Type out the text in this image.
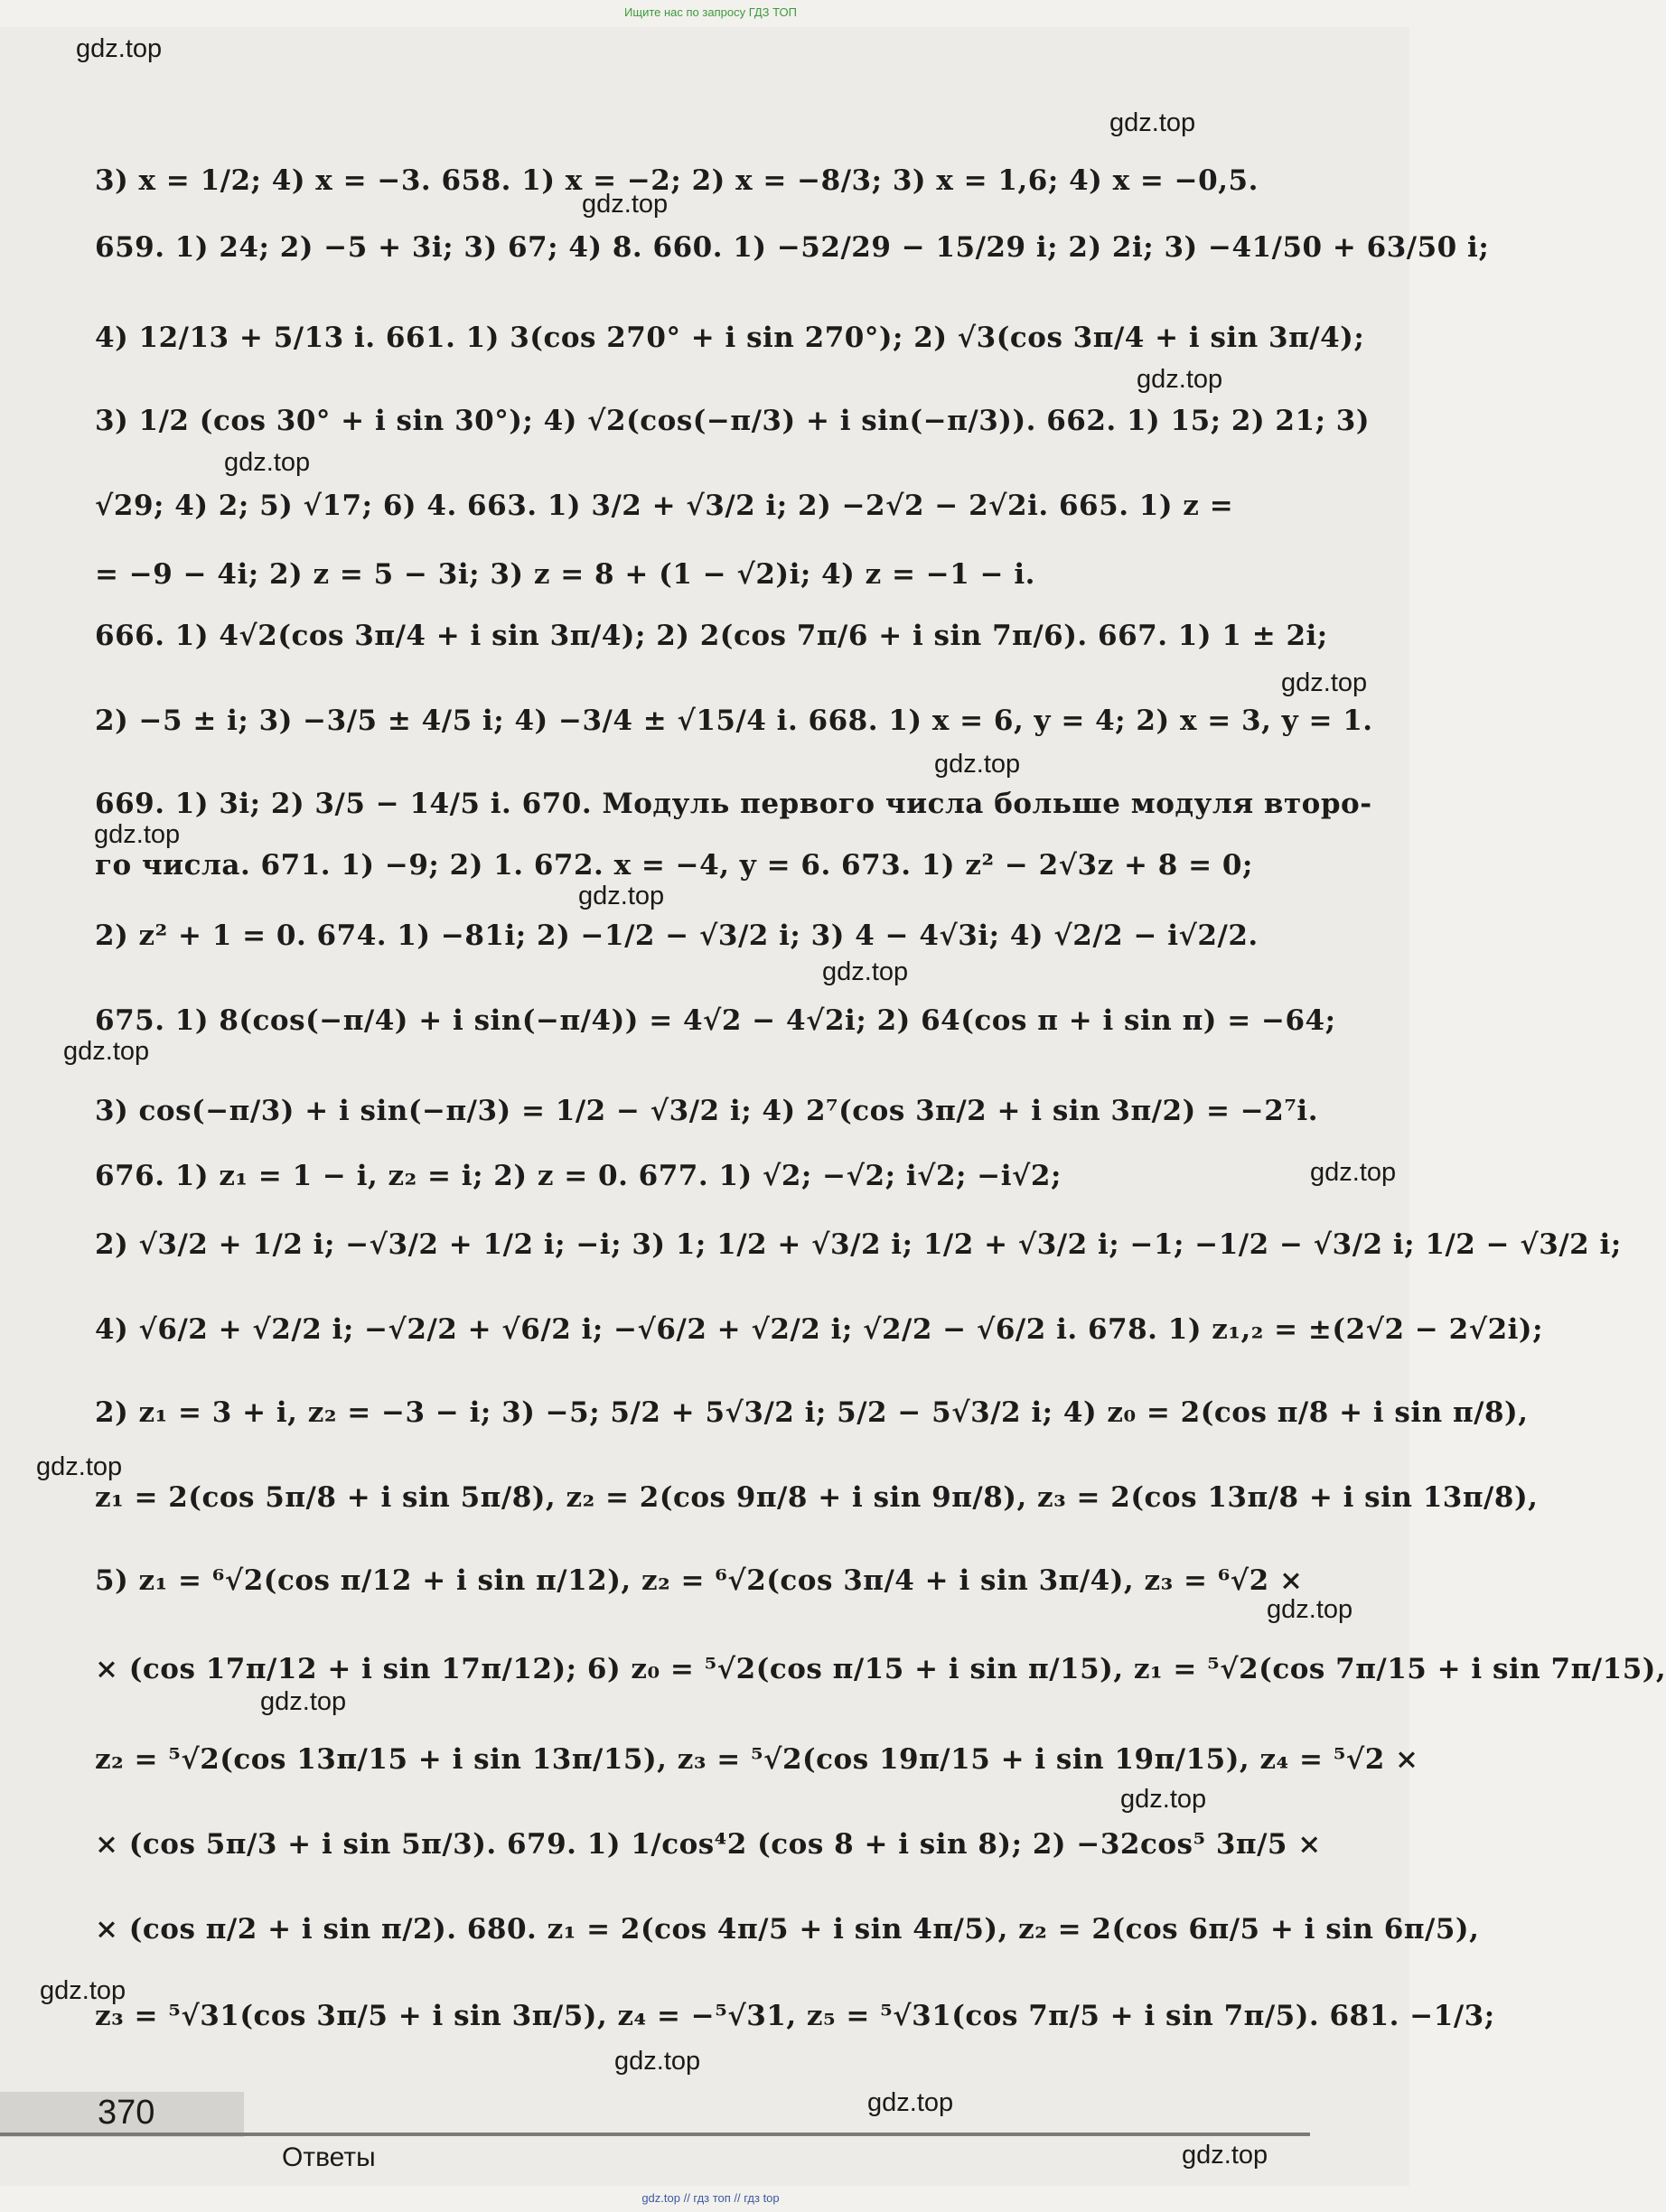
Ищите нас по запросу ГДЗ ТОП
3) x = 1/2; 4) x = −3. 658. 1) x = −2; 2) x = −8/3; 3) x = 1,6; 4) x = −0,5.
659. 1) 24; 2) −5 + 3i; 3) 67; 4) 8. 660. 1) −52/29 − 15/29 i; 2) 2i; 3) −41/50 + 63/50 i;
4) 12/13 + 5/13 i. 661. 1) 3(cos 270° + i sin 270°); 2) √3(cos 3π/4 + i sin 3π/4);
3) 1/2 (cos 30° + i sin 30°); 4) √2(cos(−π/3) + i sin(−π/3)). 662. 1) 15; 2) 21; 3)
√29; 4) 2; 5) √17; 6) 4. 663. 1) 3/2 + √3/2 i; 2) −2√2 − 2√2i. 665. 1) z =
= −9 − 4i; 2) z = 5 − 3i; 3) z = 8 + (1 − √2)i; 4) z = −1 − i.
666. 1) 4√2(cos 3π/4 + i sin 3π/4); 2) 2(cos 7π/6 + i sin 7π/6). 667. 1) 1 ± 2i;
2) −5 ± i; 3) −3/5 ± 4/5 i; 4) −3/4 ± √15/4 i. 668. 1) x = 6, y = 4; 2) x = 3, y = 1.
669. 1) 3i; 2) 3/5 − 14/5 i. 670. Модуль первого числа больше модуля второ-
го числа. 671. 1) −9; 2) 1. 672. x = −4, y = 6. 673. 1) z² − 2√3z + 8 = 0;
2) z² + 1 = 0. 674. 1) −81i; 2) −1/2 − √3/2 i; 3) 4 − 4√3i; 4) √2/2 − i√2/2.
675. 1) 8(cos(−π/4) + i sin(−π/4)) = 4√2 − 4√2i; 2) 64(cos π + i sin π) = −64;
3) cos(−π/3) + i sin(−π/3) = 1/2 − √3/2 i; 4) 2⁷(cos 3π/2 + i sin 3π/2) = −2⁷i.
676. 1) z₁ = 1 − i, z₂ = i; 2) z = 0. 677. 1) √2; −√2; i√2; −i√2;
2) √3/2 + 1/2 i; −√3/2 + 1/2 i; −i; 3) 1; 1/2 + √3/2 i; 1/2 + √3/2 i; −1; −1/2 − √3/2 i; 1/2 − √3/2 i;
4) √6/2 + √2/2 i; −√2/2 + √6/2 i; −√6/2 + √2/2 i; √2/2 − √6/2 i. 678. 1) z₁,₂ = ±(2√2 − 2√2i);
2) z₁ = 3 + i, z₂ = −3 − i; 3) −5; 5/2 + 5√3/2 i; 5/2 − 5√3/2 i; 4) z₀ = 2(cos π/8 + i sin π/8),
z₁ = 2(cos 5π/8 + i sin 5π/8), z₂ = 2(cos 9π/8 + i sin 9π/8), z₃ = 2(cos 13π/8 + i sin 13π/8),
5) z₁ = ⁶√2(cos π/12 + i sin π/12), z₂ = ⁶√2(cos 3π/4 + i sin 3π/4), z₃ = ⁶√2 ×
× (cos 17π/12 + i sin 17π/12); 6) z₀ = ⁵√2(cos π/15 + i sin π/15), z₁ = ⁵√2(cos 7π/15 + i sin 7π/15),
z₂ = ⁵√2(cos 13π/15 + i sin 13π/15), z₃ = ⁵√2(cos 19π/15 + i sin 19π/15), z₄ = ⁵√2 ×
× (cos 5π/3 + i sin 5π/3). 679. 1) 1/cos⁴2 (cos 8 + i sin 8); 2) −32cos⁵ 3π/5 ×
× (cos π/2 + i sin π/2). 680. z₁ = 2(cos 4π/5 + i sin 4π/5), z₂ = 2(cos 6π/5 + i sin 6π/5),
z₃ = ⁵√31(cos 3π/5 + i sin 3π/5), z₄ = −⁵√31, z₅ = ⁵√31(cos 7π/5 + i sin 7π/5). 681. −1/3;
gdz.top
gdz.top
gdz.top
gdz.top
gdz.top
gdz.top
gdz.top
gdz.top
gdz.top
gdz.top
gdz.top
gdz.top
gdz.top
gdz.top
gdz.top
gdz.top
gdz.top
gdz.top
gdz.top
gdz.top
370
Ответы
gdz.top // гдз топ // гдз top
